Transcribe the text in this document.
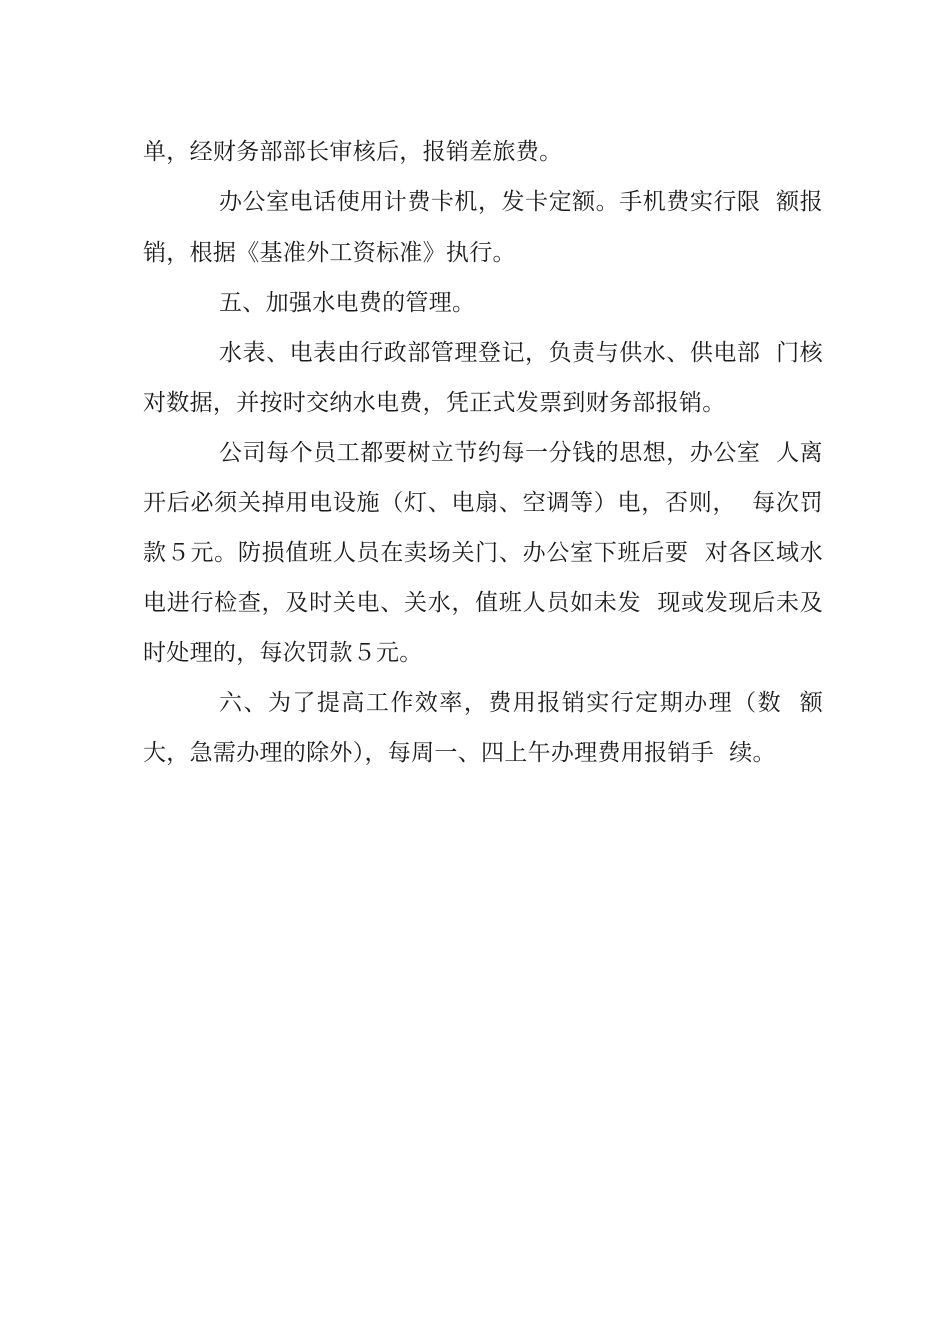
单，经财务部部长审核后，报销差旅费。
办公室电话使用计费卡机，发卡定额。手机费实行限  额报
销，根据《基准外工资标准》执行。
五、加强水电费的管理。
水表、电表由行政部管理登记，负责与供水、供电部  门核
对数据，并按时交纳水电费，凭正式发票到财务部报销。
公司每个员工都要树立节约每一分钱的思想，办公室  人离
开后必须关掉用电设施（灯、电扇、空调等）电，否则，  每次罚
款５元。防损值班人员在卖场关门、办公室下班后要  对各区域水
电进行检查，及时关电、关水，值班人员如未发  现或发现后未及
时处理的，每次罚款５元。
六、为了提高工作效率，费用报销实行定期办理（数  额
大，急需办理的除外），每周一、四上午办理费用报销手  续。
